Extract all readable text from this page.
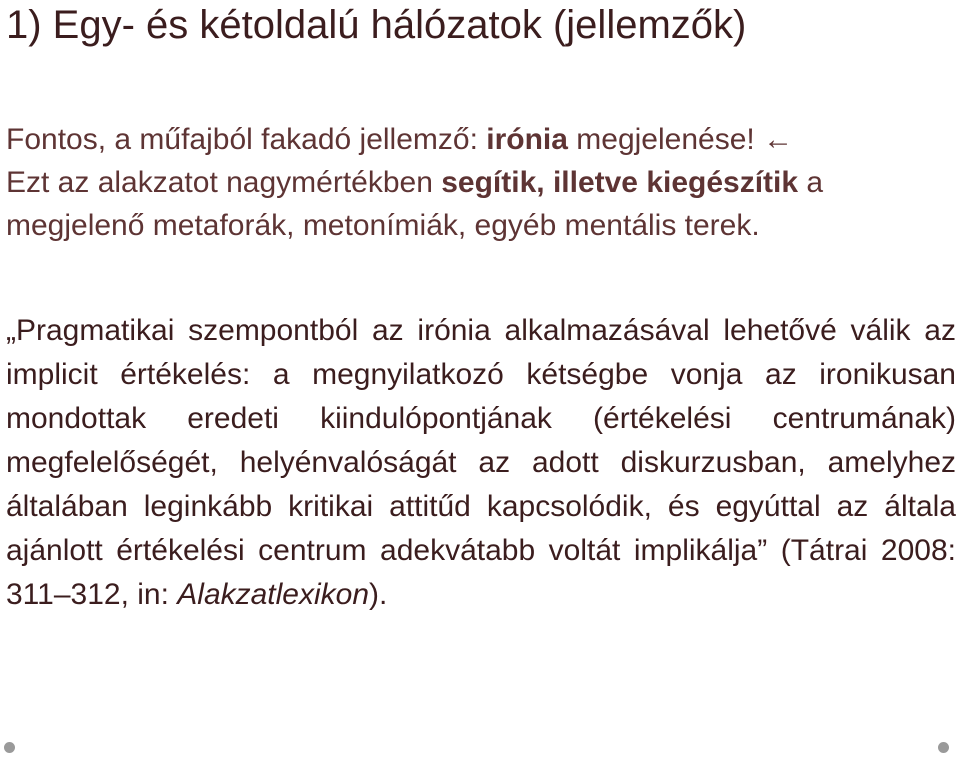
1) Egy- és kétoldalú hálózatok (jellemzők)

Fontos, a műfajból fakadó jellemző: irónia megjelenése! ←
Ezt az alakzatot nagymértékben segítik, illetve kiegészítik a megjelenő metaforák, metonímiák, egyéb mentális terek.

„Pragmatikai szempontból az irónia alkalmazásával lehetővé válik az implicit értékelés: a megnyilatkozó kétségbe vonja az ironikusan mondottak eredeti kiindulópontjának (értékelési centrumának) megfelelőségét, helyénvalóságát az adott diskurzusban, amelyhez általában leginkább kritikai attitűd kapcsolódik, és egyúttal az általa ajánlott értékelési centrum adekvátabb voltát implikálja” (Tátrai 2008: 311–312, in: Alakzatlexikon).
